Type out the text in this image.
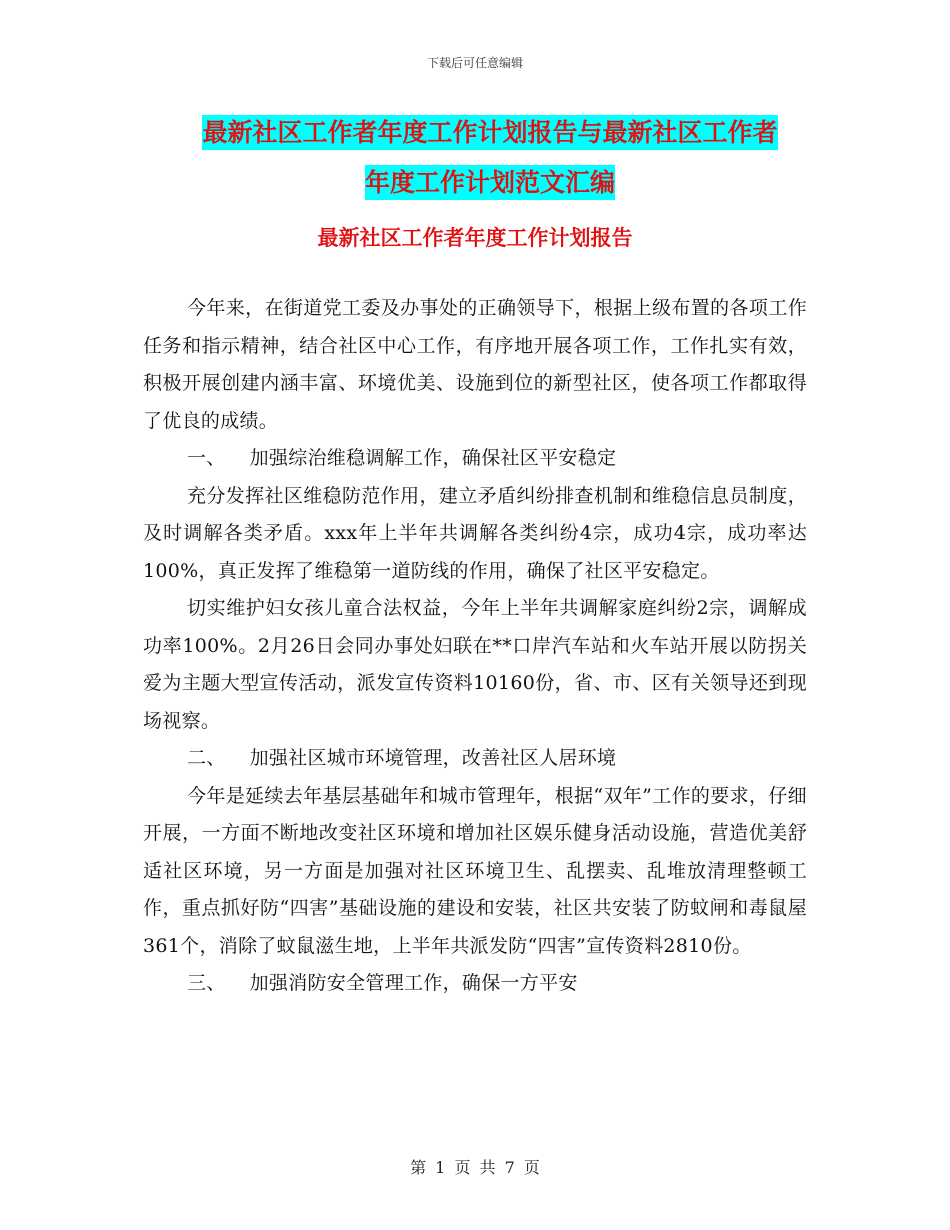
下载后可任意编辑
最新社区工作者年度工作计划报告与最新社区工作者
年度工作计划范文汇编
最新社区工作者年度工作计划报告

今年来，在街道党工委及办事处的正确领导下，根据上级布置的各项工作任务和指示精神，结合社区中心工作，有序地开展各项工作，工作扎实有效，积极开展创建内涵丰富、环境优美、设施到位的新型社区，使各项工作都取得了优良的成绩。

一、 加强综治维稳调解工作，确保社区平安稳定

充分发挥社区维稳防范作用，建立矛盾纠纷排查机制和维稳信息员制度，及时调解各类矛盾。xxx年上半年共调解各类纠纷4宗，成功4宗，成功率达100%，真正发挥了维稳第一道防线的作用，确保了社区平安稳定。

切实维护妇女孩儿童合法权益，今年上半年共调解家庭纠纷2宗，调解成功率100%。2月26日会同办事处妇联在**口岸汽车站和火车站开展以防拐关爱为主题大型宣传活动，派发宣传资料10160份，省、市、区有关领导还到现场视察。

二、 加强社区城市环境管理，改善社区人居环境

今年是延续去年基层基础年和城市管理年，根据“双年”工作的要求，仔细开展，一方面不断地改变社区环境和增加社区娱乐健身活动设施，营造优美舒适社区环境，另一方面是加强对社区环境卫生、乱摆卖、乱堆放清理整顿工作，重点抓好防“四害”基础设施的建设和安装，社区共安装了防蚊闸和毒鼠屋361个，消除了蚊鼠滋生地，上半年共派发防“四害”宣传资料2810份。

三、 加强消防安全管理工作，确保一方平安

第 1 页 共 7 页
